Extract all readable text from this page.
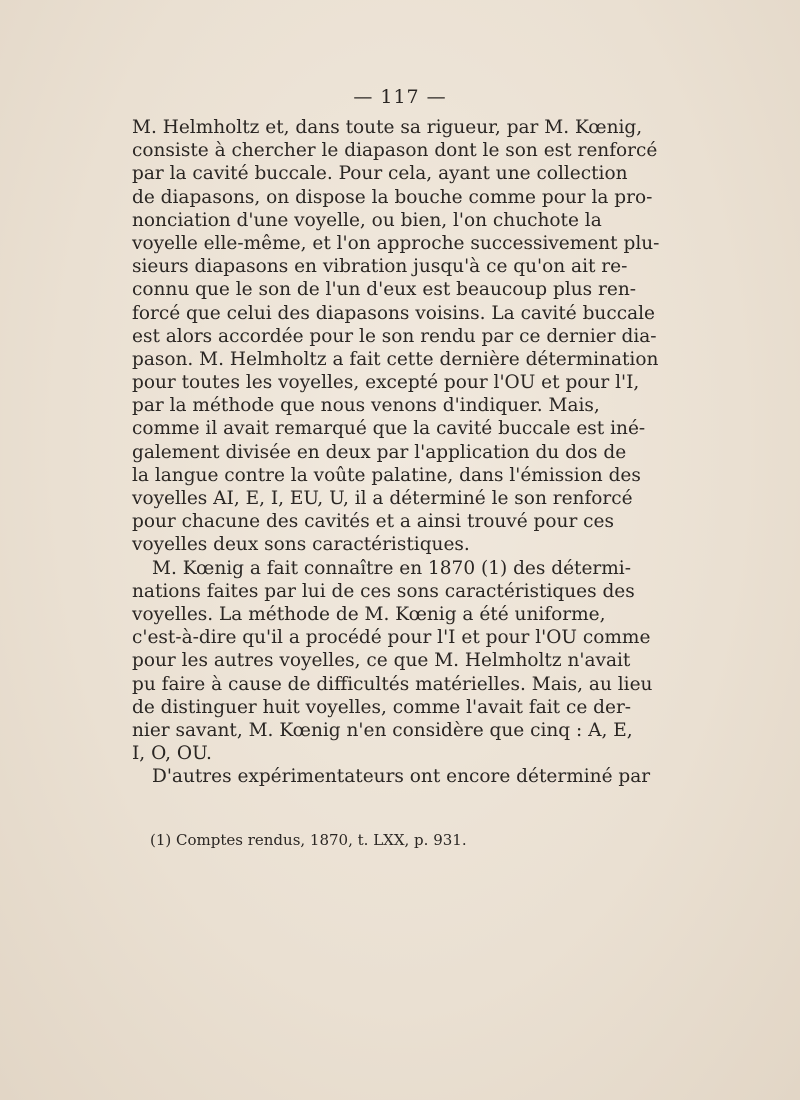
— 117 —
M. Helmholtz et, dans toute sa rigueur, par M. Kœnig,
consiste à chercher le diapason dont le son est renforcé
par la cavité buccale. Pour cela, ayant une collection
de diapasons, on dispose la bouche comme pour la pro-
nonciation d'une voyelle, ou bien, l'on chuchote la
voyelle elle-même, et l'on approche successivement plu-
sieurs diapasons en vibration jusqu'à ce qu'on ait re-
connu que le son de l'un d'eux est beaucoup plus ren-
forcé que celui des diapasons voisins. La cavité buccale
est alors accordée pour le son rendu par ce dernier dia-
pason. M. Helmholtz a fait cette dernière détermination
pour toutes les voyelles, excepté pour l'OU et pour l'I,
par la méthode que nous venons d'indiquer. Mais,
comme il avait remarqué que la cavité buccale est iné-
galement divisée en deux par l'application du dos de
la langue contre la voûte palatine, dans l'émission des
voyelles AI, E, I, EU, U, il a déterminé le son renforcé
pour chacune des cavités et a ainsi trouvé pour ces
voyelles deux sons caractéristiques.
M. Kœnig a fait connaître en 1870 (1) des détermi-
nations faites par lui de ces sons caractéristiques des
voyelles. La méthode de M. Kœnig a été uniforme,
c'est-à-dire qu'il a procédé pour l'I et pour l'OU comme
pour les autres voyelles, ce que M. Helmholtz n'avait
pu faire à cause de difficultés matérielles. Mais, au lieu
de distinguer huit voyelles, comme l'avait fait ce der-
nier savant, M. Kœnig n'en considère que cinq : A, E,
I, O, OU.
D'autres expérimentateurs ont encore déterminé par
(1) Comptes rendus, 1870, t. LXX, p. 931.
